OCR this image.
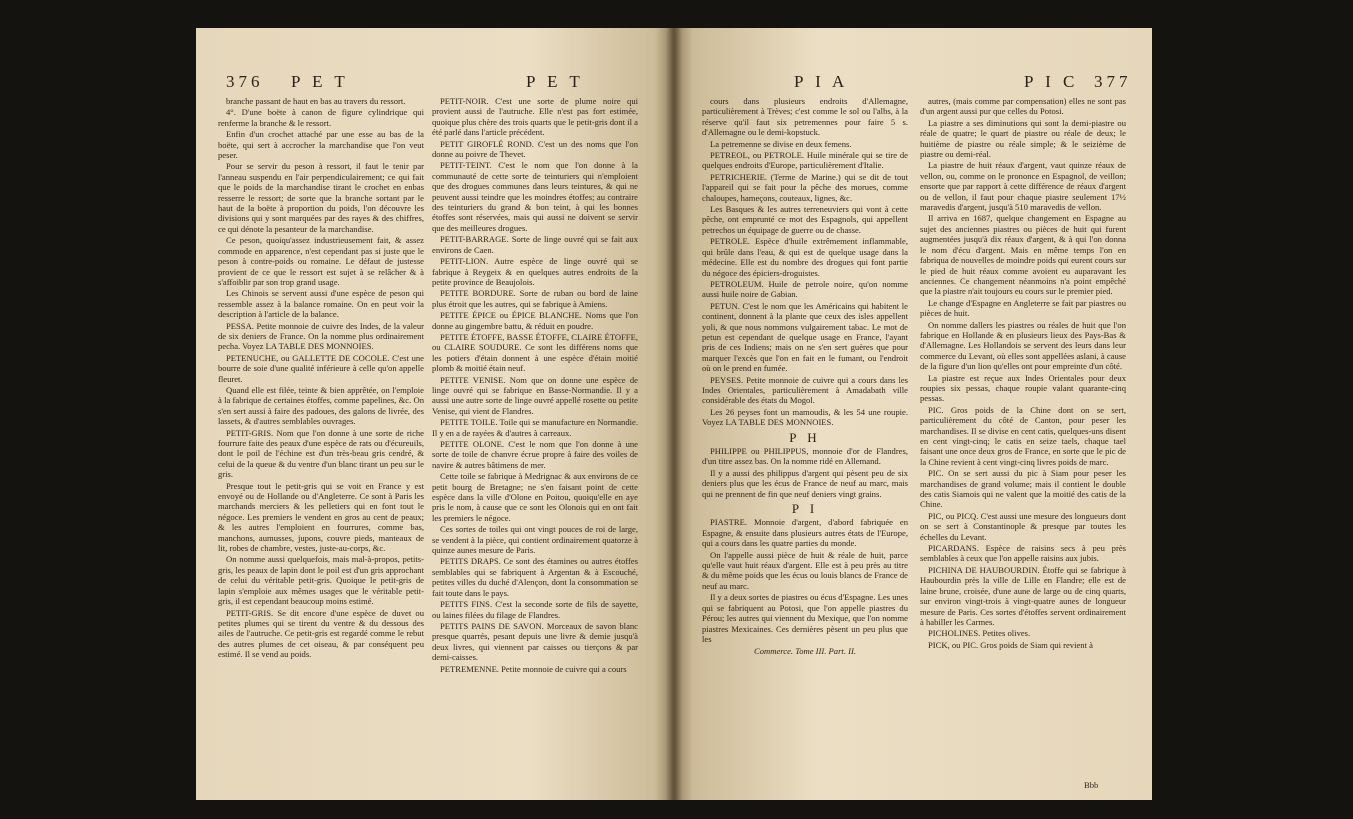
376 P E T	P E T

branche passant de haut en bas au travers du ressort.

4°. D'une boëte à canon de figure cylindrique qui renferme la branche & le ressort.

Enfin d'un crochet attaché par une esse au bas de la boëte, qui sert à accrocher la marchandise que l'on veut peser.

Pour se servir du peson à ressort, il faut le tenir par l'anneau suspendu en l'air perpendiculairement; ce qui fait que le poids de la marchandise tirant le crochet en enbas resserre le ressort; de sorte que la branche sortant par le haut de la boëte à proportion du poids, l'on découvre les divisions qui y sont marquées par des rayes & des chiffres, ce qui dénote la pesanteur de la marchandise.

Ce peson, quoiqu'assez industrieusement fait, & assez commode en apparence, n'est cependant pas si juste que le peson à contre-poids ou romaine. Le défaut de justesse provient de ce que le ressort est sujet à se relâcher & à s'affoiblir par son trop grand usage.

Les Chinois se servent aussi d'une espèce de peson qui ressemble assez à la balance romaine. On en peut voir la description à l'article de la balance.

PESSA. Petite monnoie de cuivre des Indes, de la valeur de six deniers de France. On la nomme plus ordinairement pecha. Voyez LA TABLE DES MONNOIES.

PETENUCHE, ou GALLETTE DE COCOLE. C'est une bourre de soie d'une qualité inférieure à celle qu'on appelle fleuret.

Quand elle est filée, teinte & bien apprêtée, on l'emploie à la fabrique de certaines étoffes, comme papelines, &c. On s'en sert aussi à faire des padoues, des galons de livrée, des lassets, & d'autres semblables ouvrages.

PETIT-GRIS. Nom que l'on donne à une sorte de riche fourrure faite des peaux d'une espèce de rats ou d'écureuils, dont le poil de l'échine est d'un très-beau gris cendré, & celui de la queue & du ventre d'un blanc tirant un peu sur le gris.

Presque tout le petit-gris qui se voit en France y est envoyé ou de Hollande ou d'Angleterre. Ce sont à Paris les marchands merciers & les pelletiers qui en font tout le négoce. Les premiers le vendent en gros au cent de peaux; & les autres l'emploient en fourrures, comme bas, manchons, aumusses, jupons, couvre pieds, manteaux de lit, robes de chambre, vestes, juste-au-corps, &c.

On nomme aussi quelquefois, mais mal-à-propos, petits-gris, les peaux de lapin dont le poil est d'un gris approchant de celui du véritable petit-gris. Quoique le petit-gris de lapin s'emploie aux mêmes usages que le véritable petit-gris, il est cependant beaucoup moins estimé.

PETIT-GRIS. Se dit encore d'une espèce de duvet ou petites plumes qui se tirent du ventre & du dessous des ailes de l'autruche. Ce petit-gris est regardé comme le rebut des autres plumes de cet oiseau, & par conséquent peu estimé. Il se vend au poids.

PETIT-NOIR. C'est une sorte de plume noire qui provient aussi de l'autruche. Elle n'est pas fort estimée, quoique plus chère des trois quarts que le petit-gris dont il a été parlé dans l'article précédent.

PETIT GIROFLÉ ROND. C'est un des noms que l'on donne au poivre de Thevet.

PETIT-TEINT. C'est le nom que l'on donne à la communauté de cette sorte de teinturiers qui n'emploient que des drogues communes dans leurs teintures, & qui ne peuvent aussi teindre que les moindres étoffes; au contraire des teinturiers du grand & bon teint, à qui les bonnes étoffes sont réservées, mais qui aussi ne doivent se servir que des meilleures drogues.

PETIT-BARRAGE. Sorte de linge ouvré qui se fait aux environs de Caen.

PETIT-LION. Autre espèce de linge ouvré qui se fabrique à Reygeix & en quelques autres endroits de la petite province de Beaujolois.

PETITE BORDURE. Sorte de ruban ou bord de laine plus étroit que les autres, qui se fabrique à Amiens.

PETITE ÉPICE ou ÉPICE BLANCHE. Noms que l'on donne au gingembre battu, & réduit en poudre.

PETITE ÉTOFFE, BASSE ÉTOFFE, CLAIRE ÉTOFFE, ou CLAIRE SOUDURE. Ce sont les différens noms que les potiers d'étain donnent à une espèce d'étain moitié plomb & moitié étain neuf.

PETITE VENISE. Nom que on donne une espèce de linge ouvré qui se fabrique en Basse-Normandie. Il y a aussi une autre sorte de linge ouvré appellé rosette ou petite Venise, qui vient de Flandres.

PETITE TOILE. Toile qui se manufacture en Normandie. Il y en a de rayées & d'autres à carreaux.

PETITE OLONE. C'est le nom que l'on donne à une sorte de toile de chanvre écrue propre à faire des voiles de navire & autres bâtimens de mer.

Cette toile se fabrique à Medrignac & aux environs de ce petit bourg de Bretagne; ne s'en faisant point de cette espèce dans la ville d'Olone en Poitou, quoiqu'elle en aye pris le nom, à cause que ce sont les Olonois qui en ont fait les premiers le négoce.

Ces sortes de toiles qui ont vingt pouces de roi de large, se vendent à la pièce, qui contient ordinairement quatorze à quinze aunes mesure de Paris.

PETITS DRAPS. Ce sont des étamines ou autres étoffes semblables qui se fabriquent à Argentan & à Escouché, petites villes du duché d'Alençon, dont la consommation se fait toute dans le pays.

PETITS FINS. C'est la seconde sorte de fils de sayette, ou laines filées du filage de Flandres.

PETITS PAINS DE SAVON. Morceaux de savon blanc presque quarrés, pesant depuis une livre & demie jusqu'à deux livres, qui viennent par caisses ou tierçons & par demi-caisses.

PETREMENNE. Petite monnoie de cuivre qui a cours

P I A	P I C 377

cours dans plusieurs endroits d'Allemagne, particulièrement à Trèves; c'est comme le sol ou l'albs, à la réserve qu'il faut six petremennes pour faire 5 s. d'Allemagne ou le demi-kopstuck.

La petremenne se divise en deux femens.

PETREOL, ou PETROLE. Huile minérale qui se tire de quelques endroits d'Europe, particulièrement d'Italie.

PETRICHERIE. (Terme de Marine.) qui se dit de tout l'appareil qui se fait pour la pêche des morues, comme chaloupes, hameçons, couteaux, lignes, &c.

Les Basques & les autres terreneuviers qui vont à cette pêche, ont emprunté ce mot des Espagnols, qui appellent petrechos un équipage de guerre ou de chasse.

PETROLE. Espèce d'huile extrêmement inflammable, qui brûle dans l'eau, & qui est de quelque usage dans la médecine. Elle est du nombre des drogues qui font partie du négoce des épiciers-droguistes.

PETROLEUM. Huile de petrole noire, qu'on nomme aussi huile noire de Gabian.

PETUN. C'est le nom que les Américains qui habitent le continent, donnent à la plante que ceux des isles appellent yoli, & que nous nommons vulgairement tabac. Le mot de petun est cependant de quelque usage en France, l'ayant pris de ces Indiens; mais on ne s'en sert guères que pour marquer l'excès que l'on en fait en le fumant, ou l'endroit où on le prend en fumée.

PEYSES. Petite monnoie de cuivre qui a cours dans les Indes Orientales, particulièrement à Amadabath ville considérable des états du Mogol.

Les 26 peyses font un mamoudis, & les 54 une roupie. Voyez LA TABLE DES MONNOIES.

P H

PHILIPPE ou PHILIPPUS, monnoie d'or de Flandres, d'un titre assez bas. On la nomme ridé en Allemand.

Il y a aussi des philippus d'argent qui pèsent peu de six deniers plus que les écus de France de neuf au marc, mais qui ne prennent de fin que neuf deniers vingt grains.

P I

PIASTRE. Monnoie d'argent, d'abord fabriquée en Espagne, & ensuite dans plusieurs autres états de l'Europe, qui a cours dans les quatre parties du monde.

On l'appelle aussi pièce de huit & réale de huit, parce qu'elle vaut huit réaux d'argent. Elle est à peu près au titre & du même poids que les écus ou louis blancs de France de neuf au marc.

Il y a deux sortes de piastres ou écus d'Espagne. Les unes qui se fabriquent au Potosi, que l'on appelle piastres du Pérou; les autres qui viennent du Mexique, que l'on nomme piastres Mexicaines. Ces dernières pèsent un peu plus que les

Commerce. Tome III. Part. II.

autres, (mais comme par compensation) elles ne sont pas d'un argent aussi pur que celles du Potosi.

La piastre a ses diminutions qui sont la demi-piastre ou réale de quatre; le quart de piastre ou réale de deux; le huitième de piastre ou réale simple; & le seizième de piastre ou demi-réal.

La piastre de huit réaux d'argent, vaut quinze réaux de vellon, ou, comme on le prononce en Espagnol, de veillon; ensorte que par rapport à cette différence de réaux d'argent ou de vellon, il faut pour chaque piastre seulement 17½ maravedis d'argent, jusqu'à 510 maravedis de vellon.

Il arriva en 1687, quelque changement en Espagne au sujet des anciennes piastres ou pièces de huit qui furent augmentées jusqu'à dix réaux d'argent, & à qui l'on donna le nom d'écu d'argent. Mais en même temps l'on en fabriqua de nouvelles de moindre poids qui eurent cours sur le pied de huit réaux comme avoient eu auparavant les anciennes. Ce changement néanmoins n'a point empêché que la piastre n'ait toujours eu cours sur le premier pied.

Le change d'Espagne en Angleterre se fait par piastres ou pièces de huit.

On nomme dallers les piastres ou réales de huit que l'on fabrique en Hollande & en plusieurs lieux des Pays-Bas & d'Allemagne. Les Hollandois se servent des leurs dans leur commerce du Levant, où elles sont appellées aslani, à cause de la figure d'un lion qu'elles ont pour empreinte d'un côté.

La piastre est reçue aux Indes Orientales pour deux roupies six pessas, chaque roupie valant quarante-cinq pessas.

PIC. Gros poids de la Chine dont on se sert, particulièrement du côté de Canton, pour peser les marchandises. Il se divise en cent catis, quelques-uns disent en cent vingt-cinq; le catis en seize taels, chaque tael faisant une once deux gros de France, en sorte que le pic de la Chine revient à cent vingt-cinq livres poids de marc.

PIC. On se sert aussi du pic à Siam pour peser les marchandises de grand volume; mais il contient le double des catis Siamois qui ne valent que la moitié des catis de la Chine.

PIC, ou PICQ. C'est aussi une mesure des longueurs dont on se sert à Constantinople & presque par toutes les échelles du Levant.

PICARDANS. Espèce de raisins secs à peu près semblables à ceux que l'on appelle raisins aux jubis.

PICHINA DE HAUBOURDIN. Étoffe qui se fabrique à Haubourdin près la ville de Lille en Flandre; elle est de laine brune, croisée, d'une aune de large ou de cinq quarts, sur environ vingt-trois à vingt-quatre aunes de longueur mesure de Paris. Ces sortes d'étoffes servent ordinairement à habiller les Carmes.

PICHOLINES. Petites olives.

PICK, ou PIC. Gros poids de Siam qui revient à

Bbb
